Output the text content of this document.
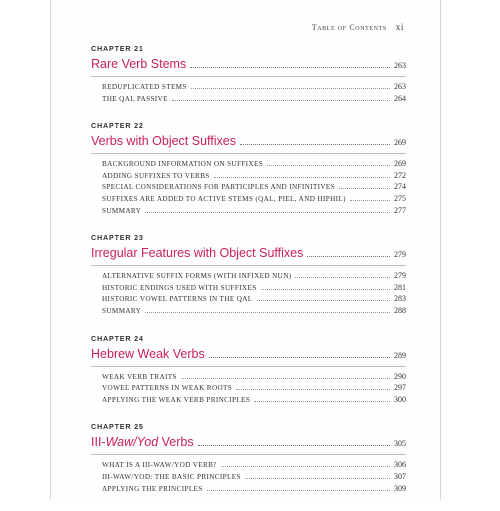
Table of Contents xi
CHAPTER 21
Rare Verb Stems	263
REDUPLICATED STEMS	263
THE QAL PASSIVE	264
CHAPTER 22
Verbs with Object Suffixes	269
BACKGROUND INFORMATION ON SUFFIXES	269
ADDING SUFFIXES TO VERBS	272
SPECIAL CONSIDERATIONS FOR PARTICIPLES AND INFINITIVES	274
SUFFIXES ARE ADDED TO ACTIVE STEMS (QAL, PIEL, AND HIPHIL)	275
SUMMARY	277
CHAPTER 23
Irregular Features with Object Suffixes	279
ALTERNATIVE SUFFIX FORMS (WITH INFIXED NUN)	279
HISTORIC ENDINGS USED WITH SUFFIXES	281
HISTORIC VOWEL PATTERNS IN THE QAL	283
SUMMARY	288
CHAPTER 24
Hebrew Weak Verbs	289
WEAK VERB TRAITS	290
VOWEL PATTERNS IN WEAK ROOTS	297
APPLYING THE WEAK VERB PRINCIPLES	300
CHAPTER 25
III-Waw/Yod Verbs	305
WHAT IS A III-WAW/YOD VERB?	306
III-WAW/YOD: THE BASIC PRINCIPLES	307
APPLYING THE PRINCIPLES	309
